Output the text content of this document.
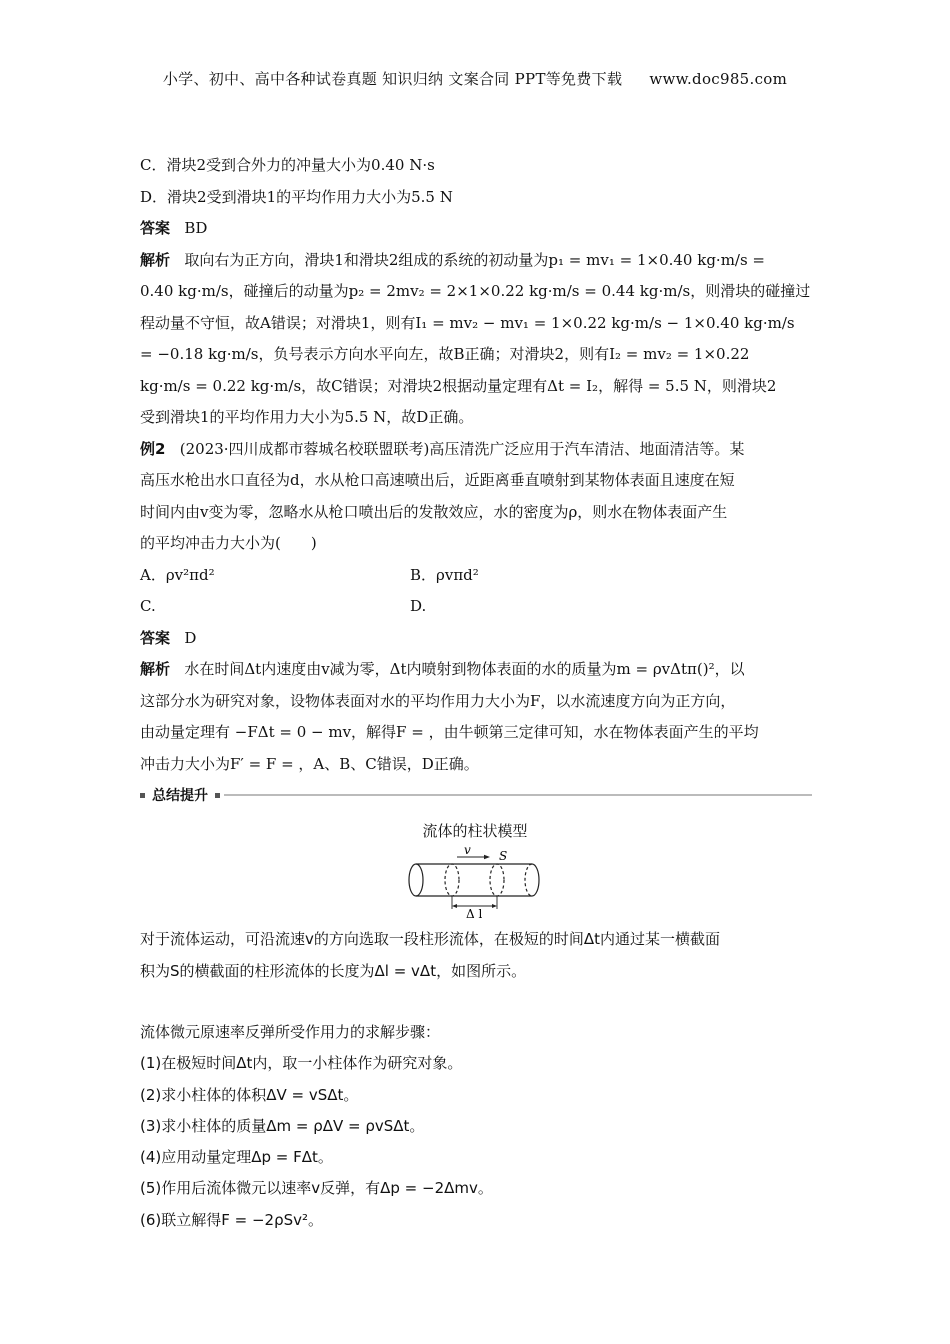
小学、初中、高中各种试卷真题 知识归纳 文案合同 PPT等免费下载 www.doc985.com
C．滑块2受到合外力的冲量大小为0.40 N·s
D．滑块2受到滑块1的平均作用力大小为5.5 N
答案 BD
解析 取向右为正方向，滑块1和滑块2组成的系统的初动量为p₁ = mv₁ = 1×0.40 kg·m/s =
0.40 kg·m/s，碰撞后的动量为p₂ = 2mv₂ = 2×1×0.22 kg·m/s = 0.44 kg·m/s，则滑块的碰撞过
程动量不守恒，故A错误；对滑块1，则有I₁ = mv₂ − mv₁ = 1×0.22 kg·m/s − 1×0.40 kg·m/s
= −0.18 kg·m/s，负号表示方向水平向左，故B正确；对滑块2，则有I₂ = mv₂ = 1×0.22
kg·m/s = 0.22 kg·m/s，故C错误；对滑块2根据动量定理有Δt = I₂，解得 = 5.5 N，则滑块2
受到滑块1的平均作用力大小为5.5 N，故D正确。
例2 (2023·四川成都市蓉城名校联盟联考)高压清洗广泛应用于汽车清洁、地面清洁等。某
高压水枪出水口直径为d，水从枪口高速喷出后，近距离垂直喷射到某物体表面且速度在短
时间内由v变为零，忽略水从枪口喷出后的发散效应，水的密度为ρ，则水在物体表面产生
的平均冲击力大小为(　　)
A．ρv²πd²	B．ρvπd²
C.	D.
答案 D
解析 水在时间Δt内速度由v减为零，Δt内喷射到物体表面的水的质量为m = ρvΔtπ()²，以
这部分水为研究对象，设物体表面对水的平均作用力大小为F，以水流速度方向为正方向，
由动量定理有 −FΔt = 0 − mv，解得F = ，由牛顿第三定律可知，水在物体表面产生的平均
冲击力大小为F′ = F = ，A、B、C错误，D正确。
总结提升
流体的柱状模型
v S
Δ l
对于流体运动，可沿流速v的方向选取一段柱形流体，在极短的时间Δt内通过某一横截面
积为S的横截面的柱形流体的长度为Δl = vΔt，如图所示。
流体微元原速率反弹所受作用力的求解步骤：
(1)在极短时间Δt内，取一小柱体作为研究对象。
(2)求小柱体的体积ΔV = vSΔt。
(3)求小柱体的质量Δm = ρΔV = ρvSΔt。
(4)应用动量定理Δp = FΔt。
(5)作用后流体微元以速率v反弹，有Δp = −2Δmv。
(6)联立解得F = −2ρSv²。
